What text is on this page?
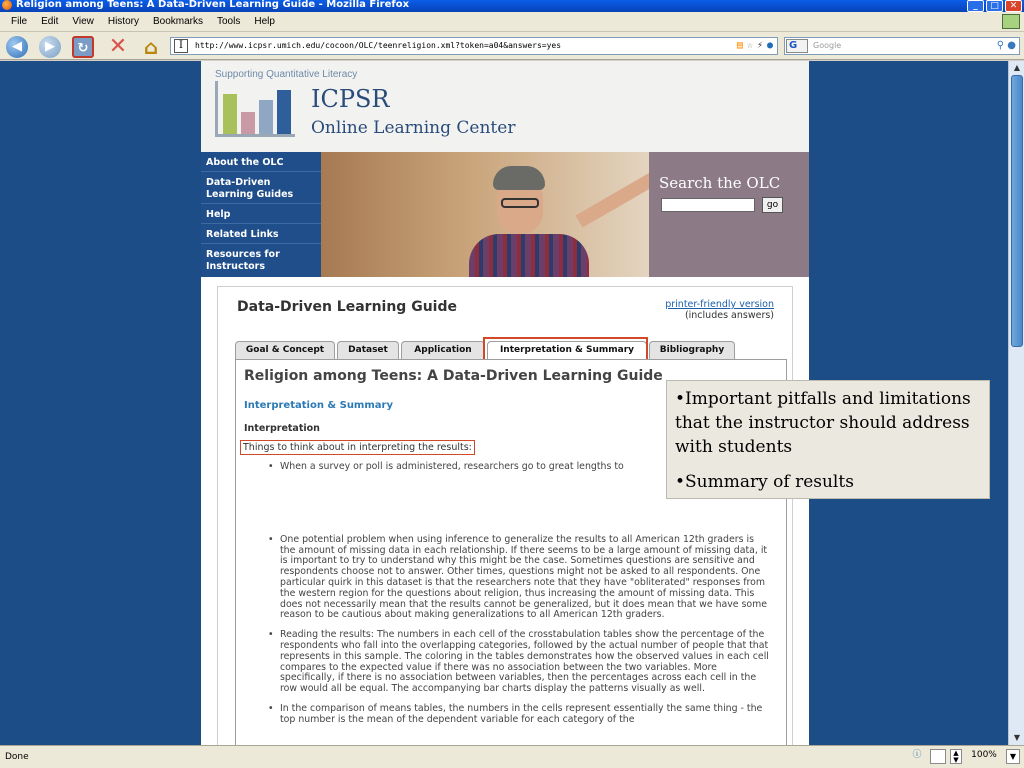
Religion among Teens: A Data-Driven Learning Guide - Mozilla Firefox	_	□	✕
File	Edit	View	History	Bookmarks	Tools	Help
◀	▶	↻ ✕ ⌂	I	http://www.icpsr.umich.edu/cocoon/OLC/teenreligion.xml?token=a04&answers=yes	▤ ☆ ⚡ ●	G	Google	⚲ ●
Supporting Quantitative Literacy
ICPSR
Online Learning Center
About the OLC
Data-Driven Learning Guides
Help
Related Links
Resources for Instructors
Search the OLC
go
Data-Driven Learning Guide	printer-friendly version
(includes answers)
Goal & Concept	Dataset	Application	Interpretation & Summary	Bibliography
Religion among Teens: A Data-Driven Learning Guide
Interpretation & Summary
Interpretation
Things to think about in interpreting the results:
• When a survey or poll is administered, researchers go to great lengths to
• One potential problem when using inference to generalize the results to all American 12th graders is the amount of missing data in each relationship. If there seems to be a large amount of missing data, it is important to try to understand why this might be the case. Sometimes questions are sensitive and respondents choose not to answer. Other times, questions might not be asked to all respondents. One particular quirk in this dataset is that the researchers note that they have "obliterated" responses from the western region for the questions about religion, thus increasing the amount of missing data. This does not necessarily mean that the results cannot be generalized, but it does mean that we have some reason to be cautious about making generalizations to all American 12th graders.
• Reading the results: The numbers in each cell of the crosstabulation tables show the percentage of the respondents who fall into the overlapping categories, followed by the actual number of people that that represents in this sample. The coloring in the tables demonstrates how the observed values in each cell compares to the expected value if there was no association between the two variables. More specifically, if there is no association between variables, then the percentages across each cell in the row would all be equal. The accompanying bar charts display the patterns visually as well.
• In the comparison of means tables, the numbers in the cells represent essentially the same thing - the top number is the mean of the dependent variable for each category of the
▲
▼

•Important pitfalls and limitations that the instructor should address with students

•Summary of results

Done	ⓘ	▲
▼	100%	▼
